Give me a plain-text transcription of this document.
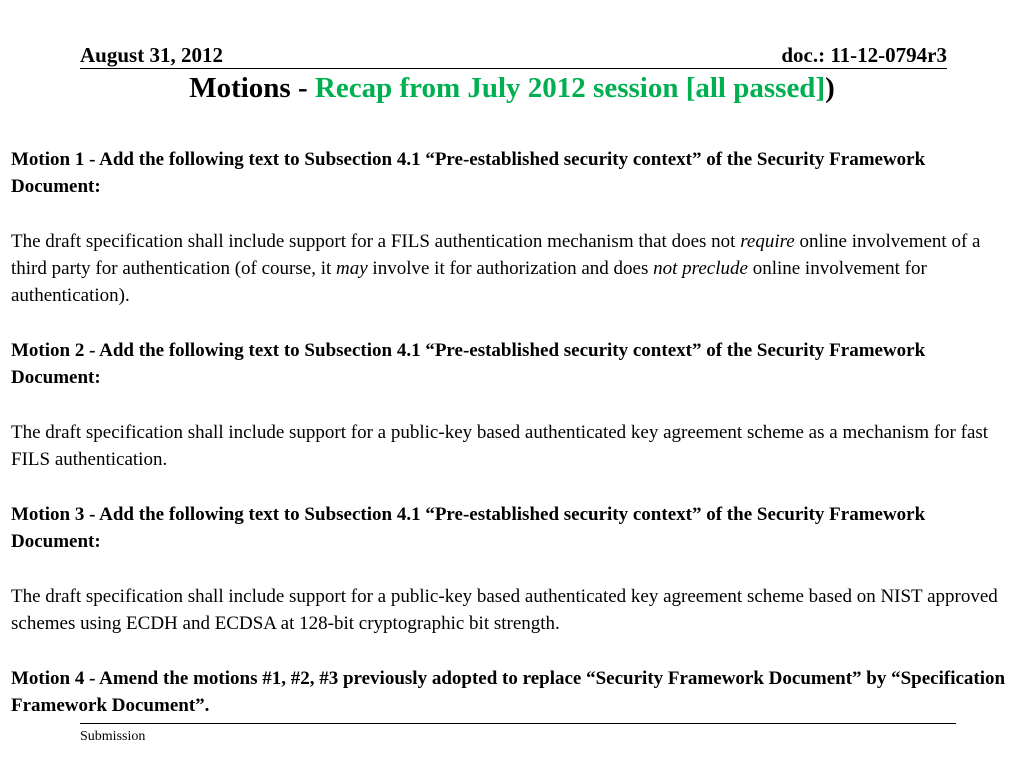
August 31, 2012	doc.: 11-12-0794r3
Motions - Recap from July 2012 session [all passed])

Motion 1 - Add the following text to Subsection 4.1 “Pre-established security context” of the Security Framework Document:

The draft specification shall include support for a FILS authentication mechanism that does not require online involvement of a third party for authentication (of course, it may involve it for authorization and does not preclude online involvement for authentication).

Motion 2 - Add the following text to Subsection 4.1 “Pre-established security context” of the Security Framework Document:

The draft specification shall include support for a public-key based authenticated key agreement scheme as a mechanism for fast FILS authentication.

Motion 3 - Add the following text to Subsection 4.1 “Pre-established security context” of the Security Framework Document:

The draft specification shall include support for a public-key based authenticated key agreement scheme based on NIST approved schemes using ECDH and ECDSA at 128-bit cryptographic bit strength.

Motion 4 - Amend the motions #1, #2, #3 previously adopted to replace “Security Framework Document” by “Specification Framework Document”.

Submission
